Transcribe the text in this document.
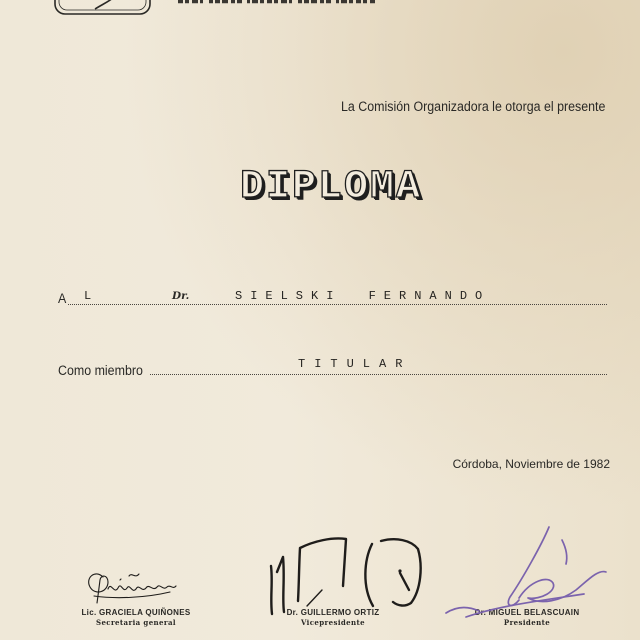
La Comisión Organizadora le otorga el presente
DIPLOMA
A L	Dr.	SIELSKI FERNANDO
Como miembro	TITULAR
Córdoba, Noviembre de 1982
Lic. GRACIELA QUIÑONES
Secretaria general
Dr. GUILLERMO ORTIZ
Vicepresidente
Dr. MIGUEL BELASCUAIN
Presidente
